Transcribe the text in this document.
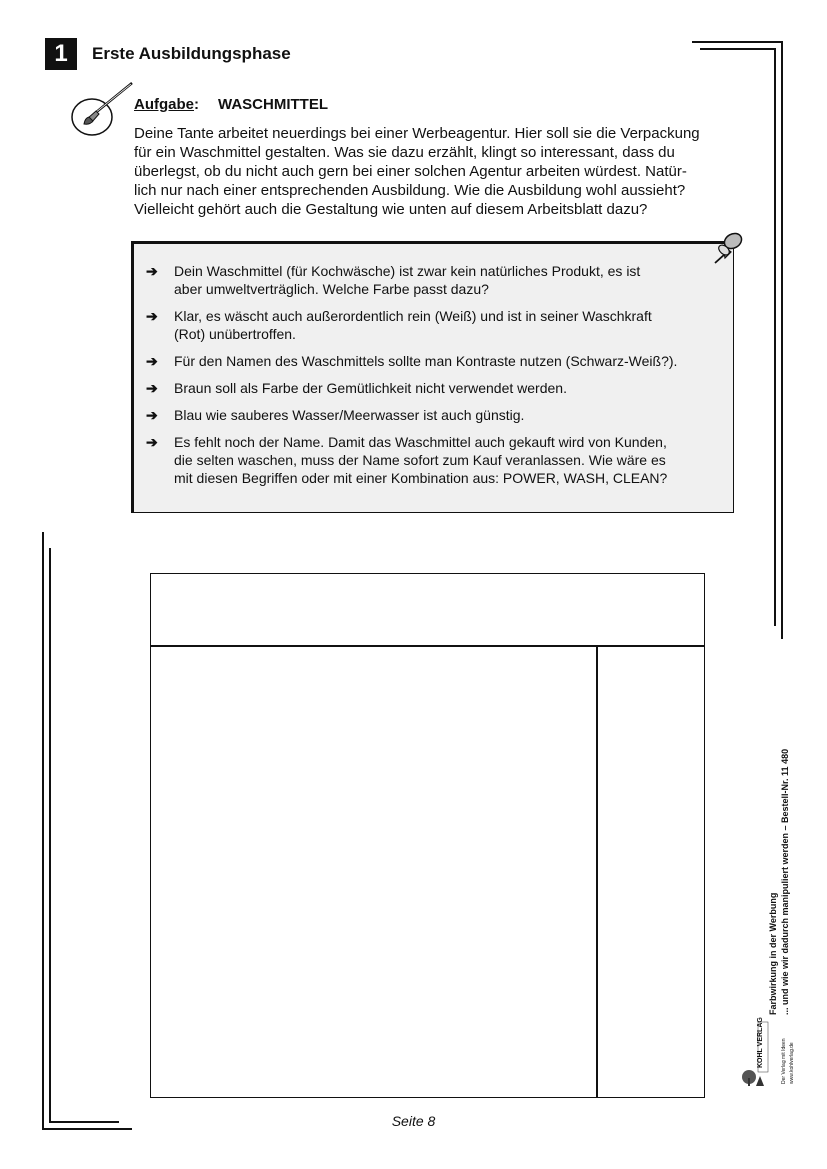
1	Erste Ausbildungsphase
Aufgabe: WASCHMITTEL
Deine Tante arbeitet neuerdings bei einer Werbeagentur. Hier soll sie die Verpackung
für ein Waschmittel gestalten. Was sie dazu erzählt, klingt so interessant, dass du
überlegst, ob du nicht auch gern bei einer solchen Agentur arbeiten würdest. Natür-
lich nur nach einer entsprechenden Ausbildung. Wie die Ausbildung wohl aussieht?
Vielleicht gehört auch die Gestaltung wie unten auf diesem Arbeitsblatt dazu?
➔ Dein Waschmittel (für Kochwäsche) ist zwar kein natürliches Produkt, es ist
aber umweltverträglich. Welche Farbe passt dazu?
➔ Klar, es wäscht auch außerordentlich rein (Weiß) und ist in seiner Waschkraft
(Rot) unübertroffen.
➔ Für den Namen des Waschmittels sollte man Kontraste nutzen (Schwarz-Weiß?).
➔ Braun soll als Farbe der Gemütlichkeit nicht verwendet werden.
➔ Blau wie sauberes Wasser/Meerwasser ist auch günstig.
➔ Es fehlt noch der Name. Damit das Waschmittel auch gekauft wird von Kunden,
die selten waschen, muss der Name sofort zum Kauf veranlassen. Wie wäre es
mit diesen Begriffen oder mit einer Kombination aus: POWER, WASH, CLEAN?
Farbwirkung in der Werbung ... und wie wir dadurch manipuliert werden – Bestell-Nr. 11 480
KOHL VERLAG	Der Verlag mit Ideen www.kohlverlag.de
Seite 8
